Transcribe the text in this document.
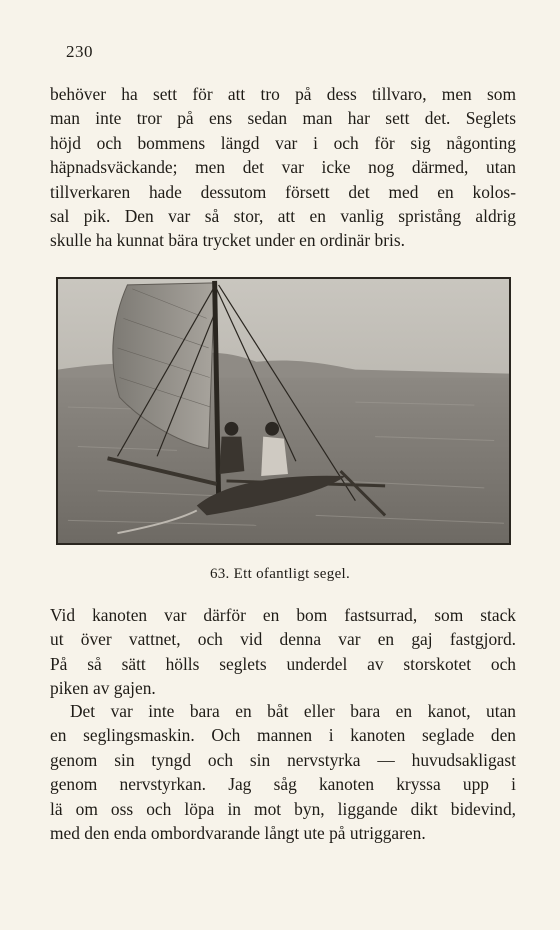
230

behöver ha sett för att tro på dess tillvaro, men som
man inte tror på ens sedan man har sett det. Seglets
höjd och bommens längd var i och för sig någonting
häpnadsväckande; men det var icke nog därmed, utan
tillverkaren hade dessutom försett det med en kolos-
sal pik. Den var så stor, att en vanlig spristång aldrig
skulle ha kunnat bära trycket under en ordinär bris.

63. Ett ofantligt segel.

Vid kanoten var därför en bom fastsurrad, som stack
ut över vattnet, och vid denna var en gaj fastgjord.
På så sätt hölls seglets underdel av storskotet och
piken av gajen.

Det var inte bara en båt eller bara en kanot, utan
en seglingsmaskin. Och mannen i kanoten seglade den
genom sin tyngd och sin nervstyrka — huvudsakligast
genom nervstyrkan. Jag såg kanoten kryssa upp i
lä om oss och löpa in mot byn, liggande dikt bidevind,
med den enda ombordvarande långt ute på utriggaren.
